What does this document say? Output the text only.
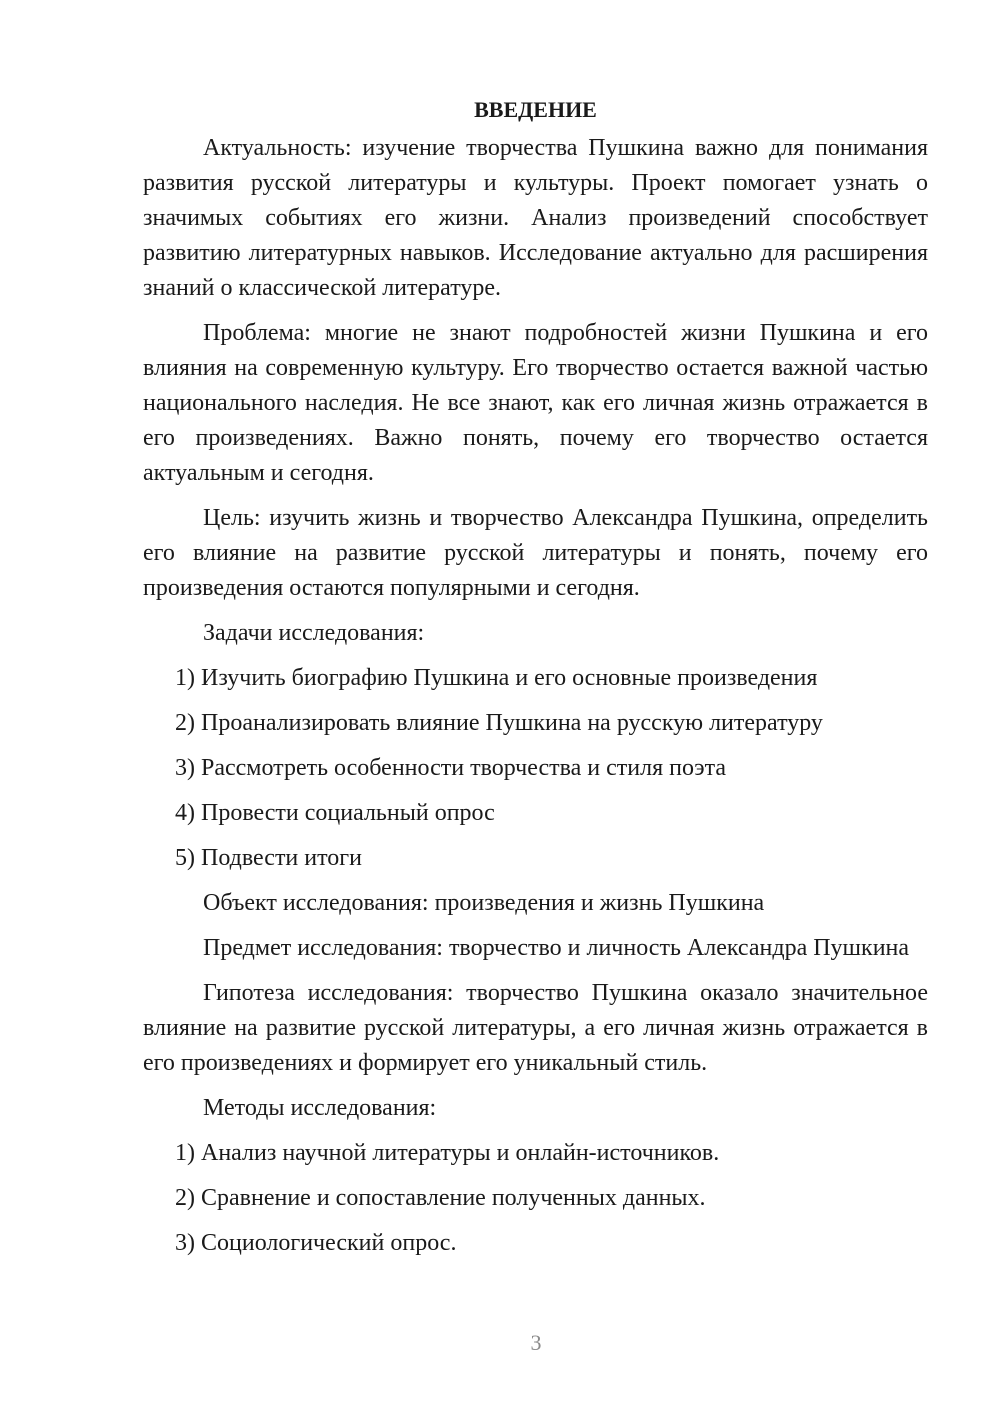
ВВЕДЕНИЕ

Актуальность: изучение творчества Пушкина важно для понимания развития русской литературы и культуры. Проект помогает узнать о значимых событиях его жизни. Анализ произведений способствует развитию литературных навыков. Исследование актуально для расширения знаний о классической литературе.

Проблема: многие не знают подробностей жизни Пушкина и его влияния на современную культуру. Его творчество остается важной частью национального наследия. Не все знают, как его личная жизнь отражается в его произведениях. Важно понять, почему его творчество остается актуальным и сегодня.

Цель: изучить жизнь и творчество Александра Пушкина, определить его влияние на развитие русской литературы и понять, почему его произведения остаются популярными и сегодня.

Задачи исследования:

1) Изучить биографию Пушкина и его основные произведения

2) Проанализировать влияние Пушкина на русскую литературу

3) Рассмотреть особенности творчества и стиля поэта

4) Провести социальный опрос

5) Подвести итоги

Объект исследования: произведения и жизнь Пушкина

Предмет исследования: творчество и личность Александра Пушкина

Гипотеза исследования: творчество Пушкина оказало значительное влияние на развитие русской литературы, а его личная жизнь отражается в его произведениях и формирует его уникальный стиль.

Методы исследования:

1) Анализ научной литературы и онлайн-источников.

2) Сравнение и сопоставление полученных данных.

3) Социологический опрос.

3
